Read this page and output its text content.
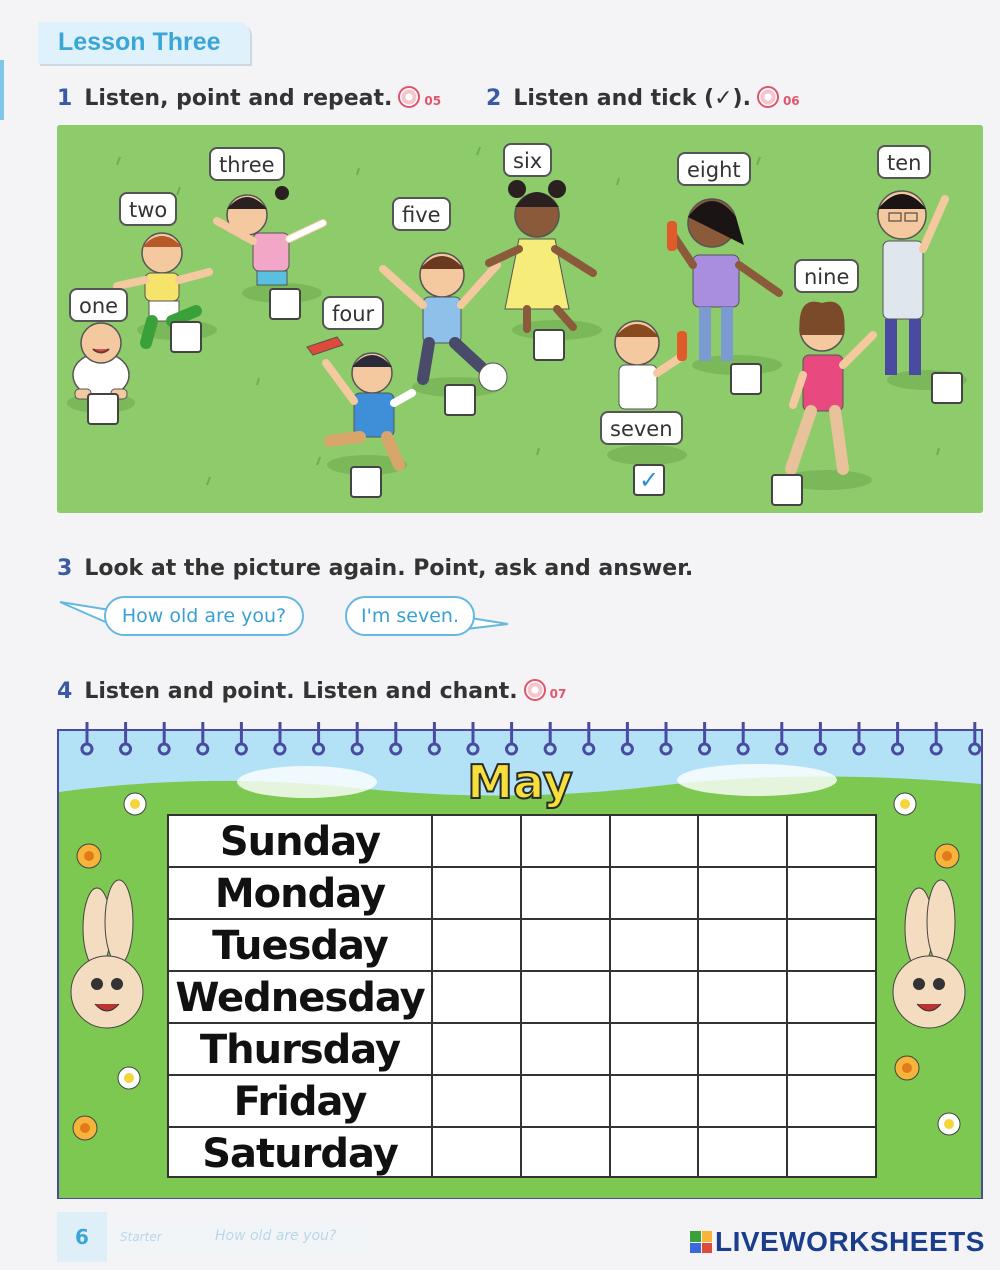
Lesson Three
1 Listen, point and repeat.	05 2 Listen and tick (✓).	06
one
two
three
four
five
six
seven
eight
nine
ten
✓
3 Look at the picture again. Point, ask and answer.
How old are you?	I'm seven.
4 Listen and point. Listen and chant.	07
May
Sunday
Monday
Tuesday
Wednesday
Thursday
Friday
Saturday
6	Starter	How old are you?	LIVEWORKSHEETS
